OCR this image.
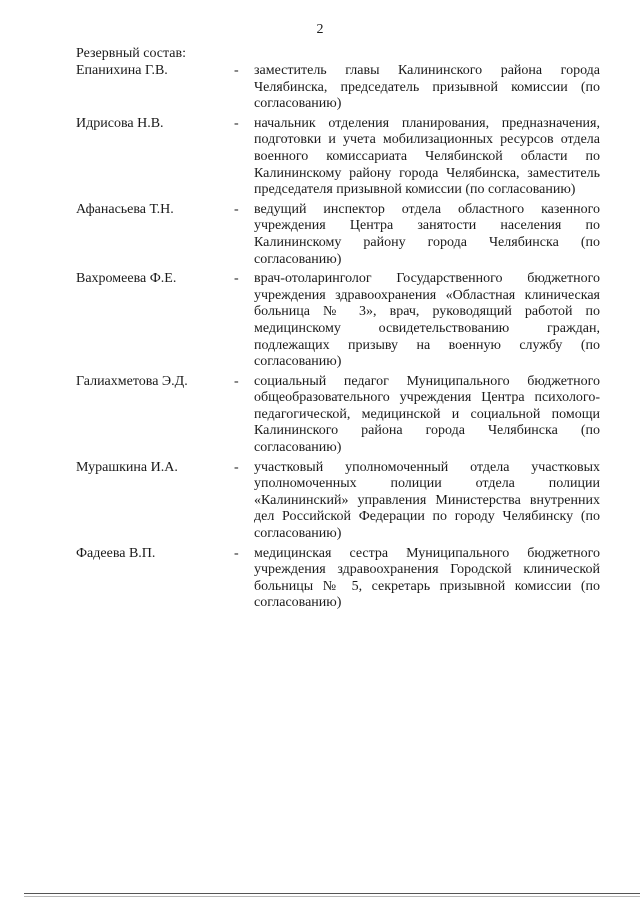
2
Резервный состав:
Епанихина Г.В.	-	заместитель главы Калининского района города Челябинска, председатель призывной комиссии (по согласованию)
Идрисова Н.В.	-	начальник отделения планирования, предназначения, подготовки и учета мобилизационных ресурсов отдела военного комиссариата Челябинской области по Калининскому району города Челябинска, заместитель председателя призывной комиссии (по согласованию)
Афанасьева Т.Н.	-	ведущий инспектор отдела областного казенного учреждения Центра занятости населения по Калининскому району города Челябинска (по согласованию)
Вахромеева Ф.Е.	-	врач-отоларинголог Государственного бюджетного учреждения здравоохранения «Областная клиническая больница № 3», врач, руководящий работой по медицинскому освидетельствованию граждан, подлежащих призыву на военную службу (по согласованию)
Галиахметова Э.Д.	-	социальный педагог Муниципального бюджетного общеобразовательного учреждения Центра психолого-педагогической, медицинской и социальной помощи Калининского района города Челябинска (по согласованию)
Мурашкина И.А.	-	участковый уполномоченный отдела участковых уполномоченных полиции отдела полиции «Калининский» управления Министерства внутренних дел Российской Федерации по городу Челябинску (по согласованию)
Фадеева В.П.	-	медицинская сестра Муниципального бюджетного учреждения здравоохранения Городской клинической больницы № 5, секретарь призывной комиссии (по согласованию)
